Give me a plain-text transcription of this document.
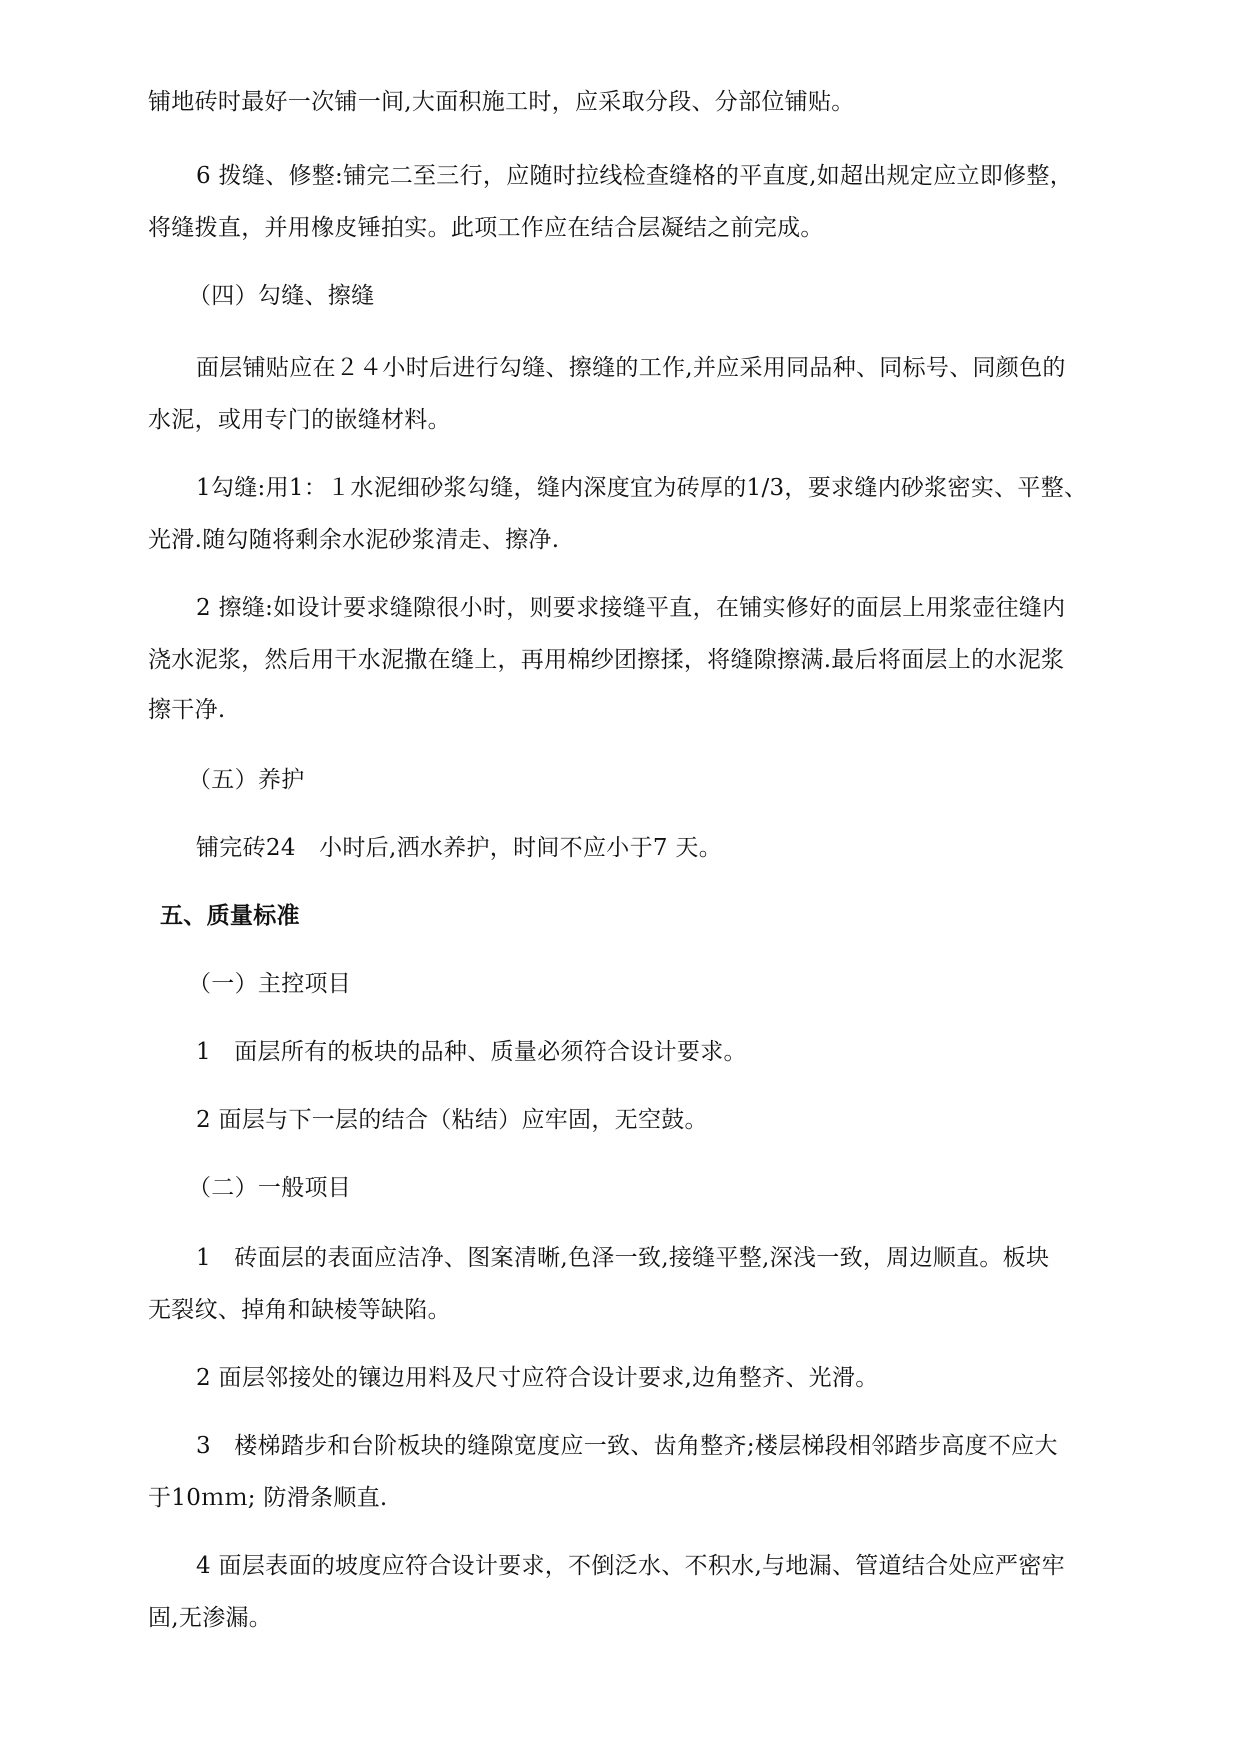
铺地砖时最好一次铺一间,大面积施工时，应采取分段、分部位铺贴。

6 拨缝、修整:铺完二至三行，应随时拉线检查缝格的平直度,如超出规定应立即修整，

将缝拨直，并用橡皮锤拍实。此项工作应在结合层凝结之前完成。

（四）勾缝、擦缝

面层铺贴应在２４小时后进行勾缝、擦缝的工作,并应采用同品种、同标号、同颜色的

水泥，或用专门的嵌缝材料。

1勾缝:用1：１水泥细砂浆勾缝，缝内深度宜为砖厚的1/3，要求缝内砂浆密实、平整、

光滑.随勾随将剩余水泥砂浆清走、擦净.

2 擦缝:如设计要求缝隙很小时，则要求接缝平直，在铺实修好的面层上用浆壶往缝内

浇水泥浆，然后用干水泥撒在缝上，再用棉纱团擦揉，将缝隙擦满.最后将面层上的水泥浆

擦干净.

（五）养护

铺完砖24　小时后,洒水养护，时间不应小于7 天。

五、质量标准

（一）主控项目

1　面层所有的板块的品种、质量必须符合设计要求。

2 面层与下一层的结合（粘结）应牢固，无空鼓。

（二）一般项目

1　砖面层的表面应洁净、图案清晰,色泽一致,接缝平整,深浅一致，周边顺直。板块

无裂纹、掉角和缺棱等缺陷。

2 面层邻接处的镶边用料及尺寸应符合设计要求,边角整齐、光滑。

3　楼梯踏步和台阶板块的缝隙宽度应一致、齿角整齐;楼层梯段相邻踏步高度不应大

于10ｍｍ; 防滑条顺直.

4 面层表面的坡度应符合设计要求，不倒泛水、不积水,与地漏、管道结合处应严密牢

固,无渗漏。
